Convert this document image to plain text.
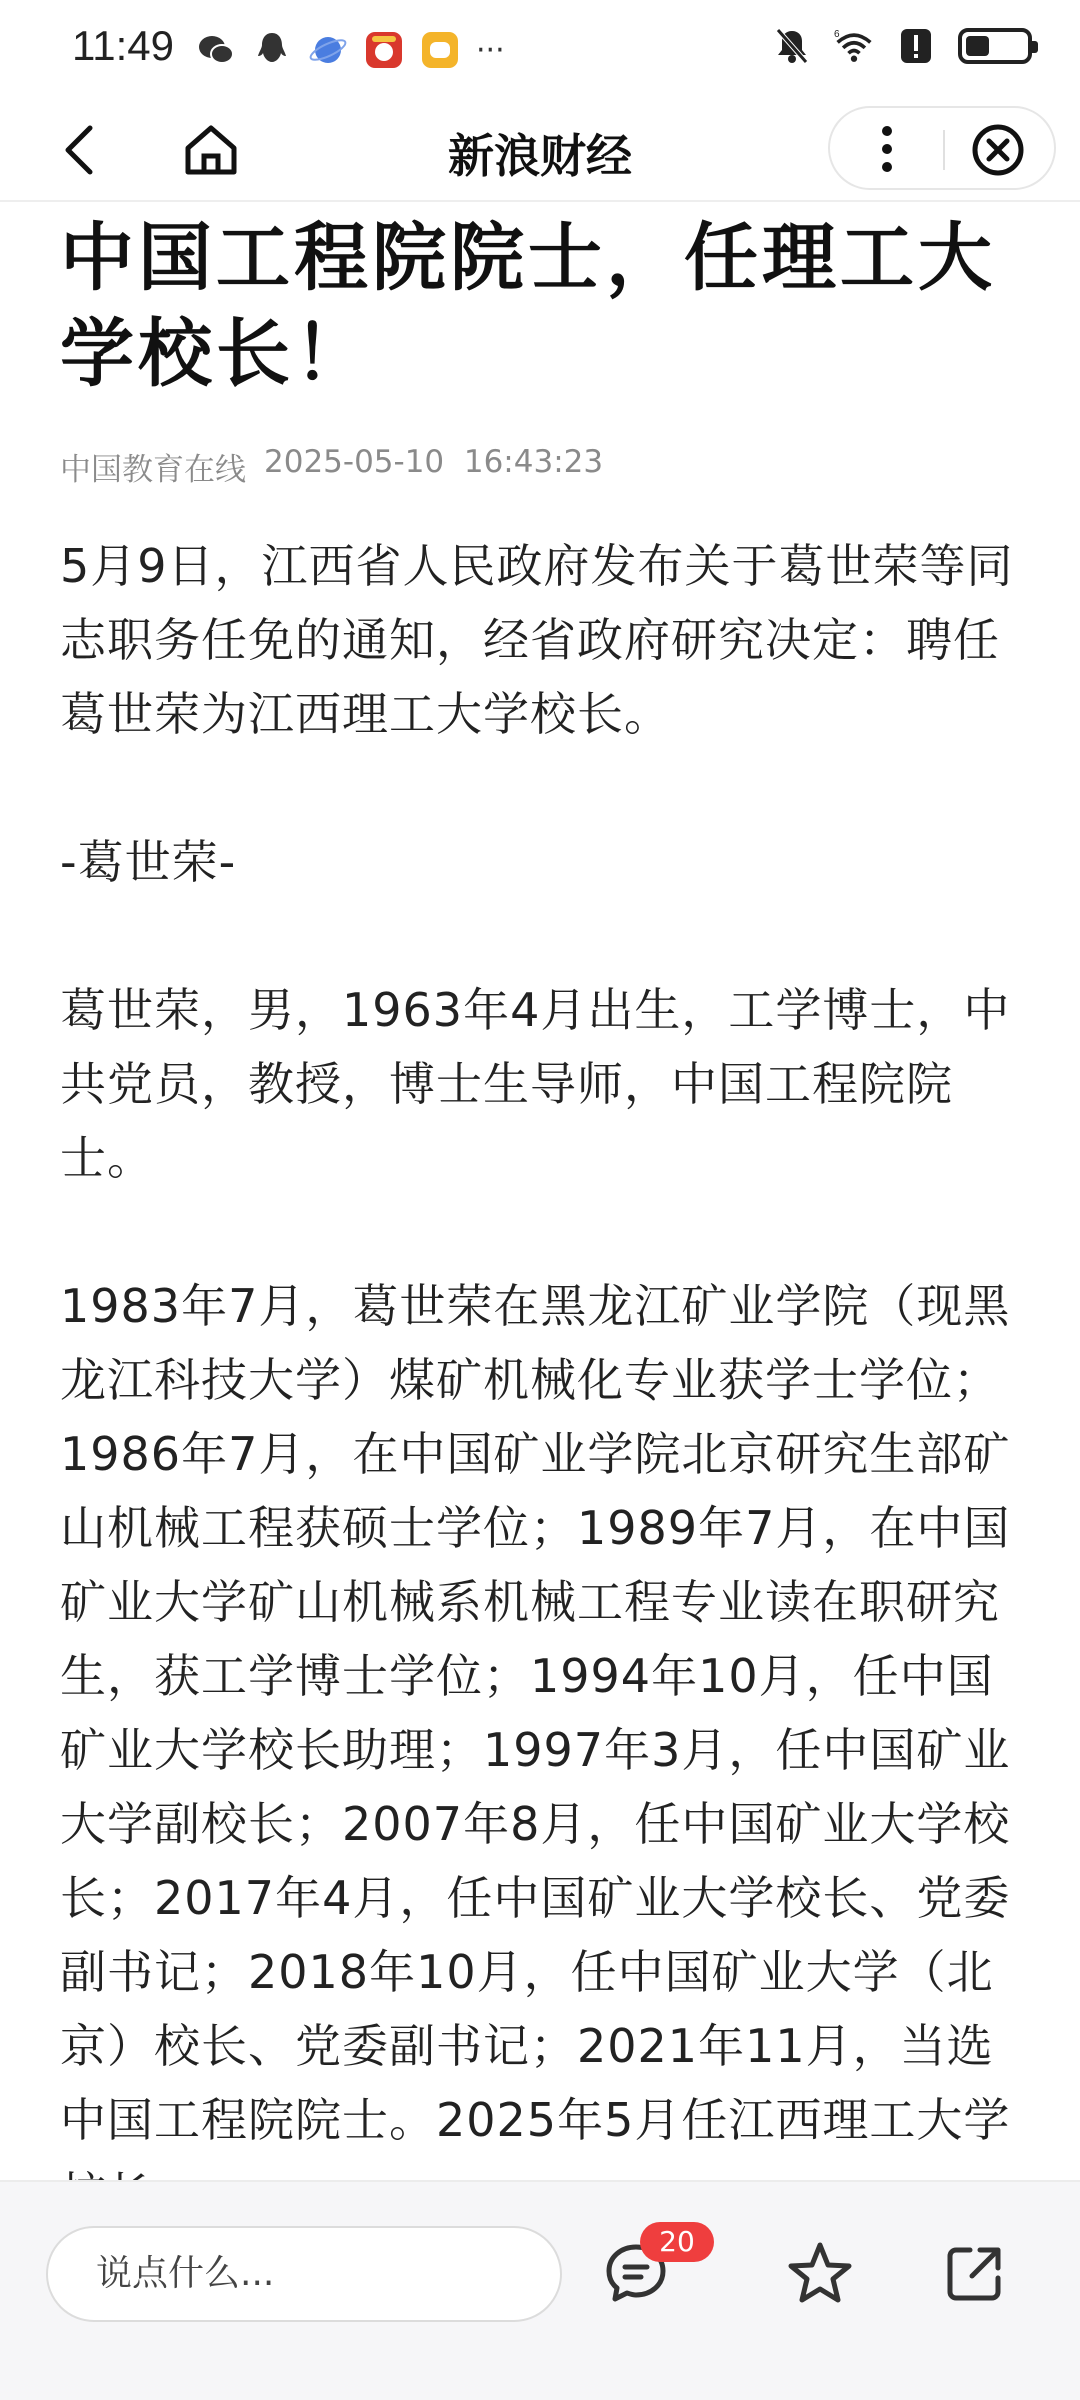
11:49	···	6
新浪财经
中国工程院院士，任理工大学校长！
中国教育在线 2025-05-10  16:43:23

5月9日，江西省人民政府发布关于葛世荣等同志职务任免的通知，经省政府研究决定：聘任葛世荣为江西理工大学校长。

-葛世荣-

葛世荣，男，1963年4月出生，工学博士，中共党员，教授，博士生导师，中国工程院院士。

1983年7月，葛世荣在黑龙江矿业学院（现黑龙江科技大学）煤矿机械化专业获学士学位；1986年7月，在中国矿业学院北京研究生部矿山机械工程获硕士学位；1989年7月，在中国矿业大学矿山机械系机械工程专业读在职研究生，获工学博士学位；1994年10月，任中国矿业大学校长助理；1997年3月，任中国矿业大学副校长；2007年8月，任中国矿业大学校长；2017年4月，任中国矿业大学校长、党委副书记；2018年10月，任中国矿业大学（北京）校长、党委副书记；2021年11月，当选中国工程院院士。2025年5月任江西理工大学

说点什么...
20
